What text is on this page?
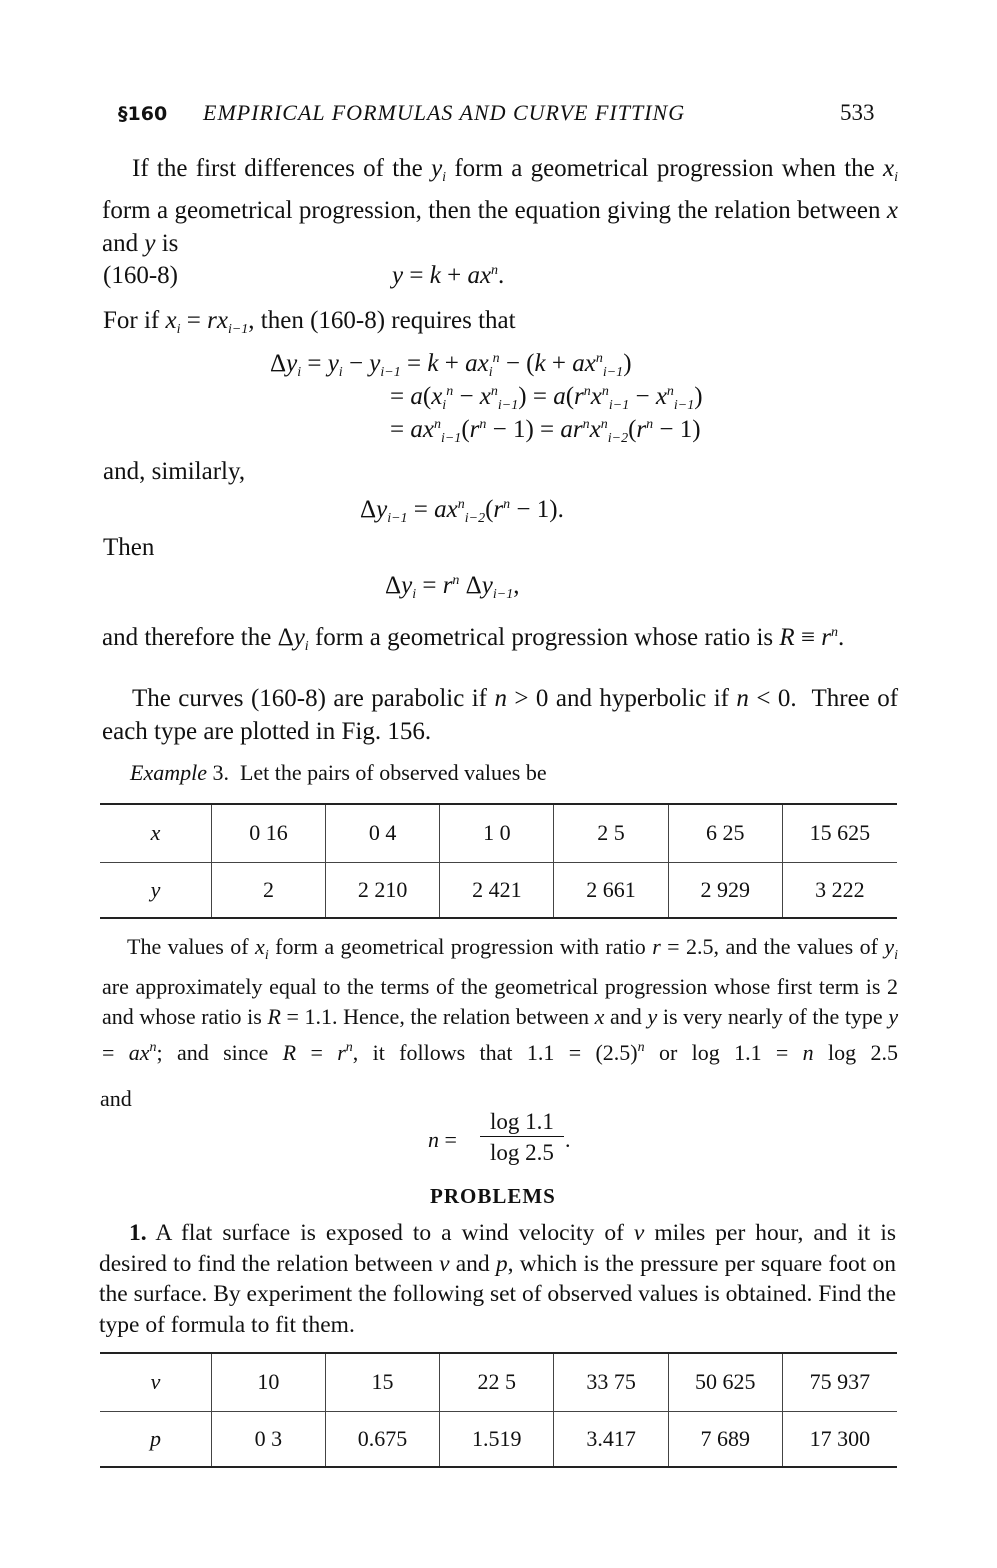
§160 EMPIRICAL FORMULAS AND CURVE FITTING	533
If the first differences of the $y_i$ form a geometrical progression when the $x_i$ form a geometrical progression, then the equation giving the relation between x and y is
(160-8)	$y = k + ax^n$.
For if $x_i = rx_{i-1}$, then (160-8) requires that
$\Delta y_i = y_i - y_{i-1} = k + ax_i^n - (k + ax^n_{i-1})$
= $a(x_i^n - x^n_{i-1}) = a(r^nx^n_{i-1} - x^n_{i-1})$
= $ax^n_{i-1}(r^n - 1) = ar^nx^n_{i-2}(r^n - 1)$
and, similarly,
$\Delta y_{i-1} = ax^n_{i-2}(r^n - 1)$.
Then
$\Delta y_i = r^n$ $\Delta y_{i-1}$,
and therefore the $\Delta y_i$ form a geometrical progression whose ratio is $R \equiv r^n$.
The curves (160-8) are parabolic if n > 0 and hyperbolic if n < 0.  Three of each type are plotted in Fig. 156.
Example 3. Let the pairs of observed values be
x	0 16	0 4	1 0	2 5	6 25	15 625
y	2	2 210	2 421	2 661	2 929	3 222
The values of $x_i$ form a geometrical progression with ratio r = 2.5, and the values of $y_i$ are approximately equal to the terms of the geometrical progression whose first term is 2 and whose ratio is R = 1.1. Hence, the relation between x and y is very nearly of the type $y = ax^n$; and since $R = r^n$, it follows that $1.1 = (2.5)^n$ or log 1.1 = n log 2.5
and
n =
log 1.1
log 2.5
.
PROBLEMS
1. A flat surface is exposed to a wind velocity of v miles per hour, and it is desired to find the relation between v and p, which is the pressure per square foot on the surface. By experiment the following set of observed values is obtained. Find the type of formula to fit them.
v	10	15	22 5	33 75	50 625	75 937
p	0 3	0.675	1.519	3.417	7 689	17 300
